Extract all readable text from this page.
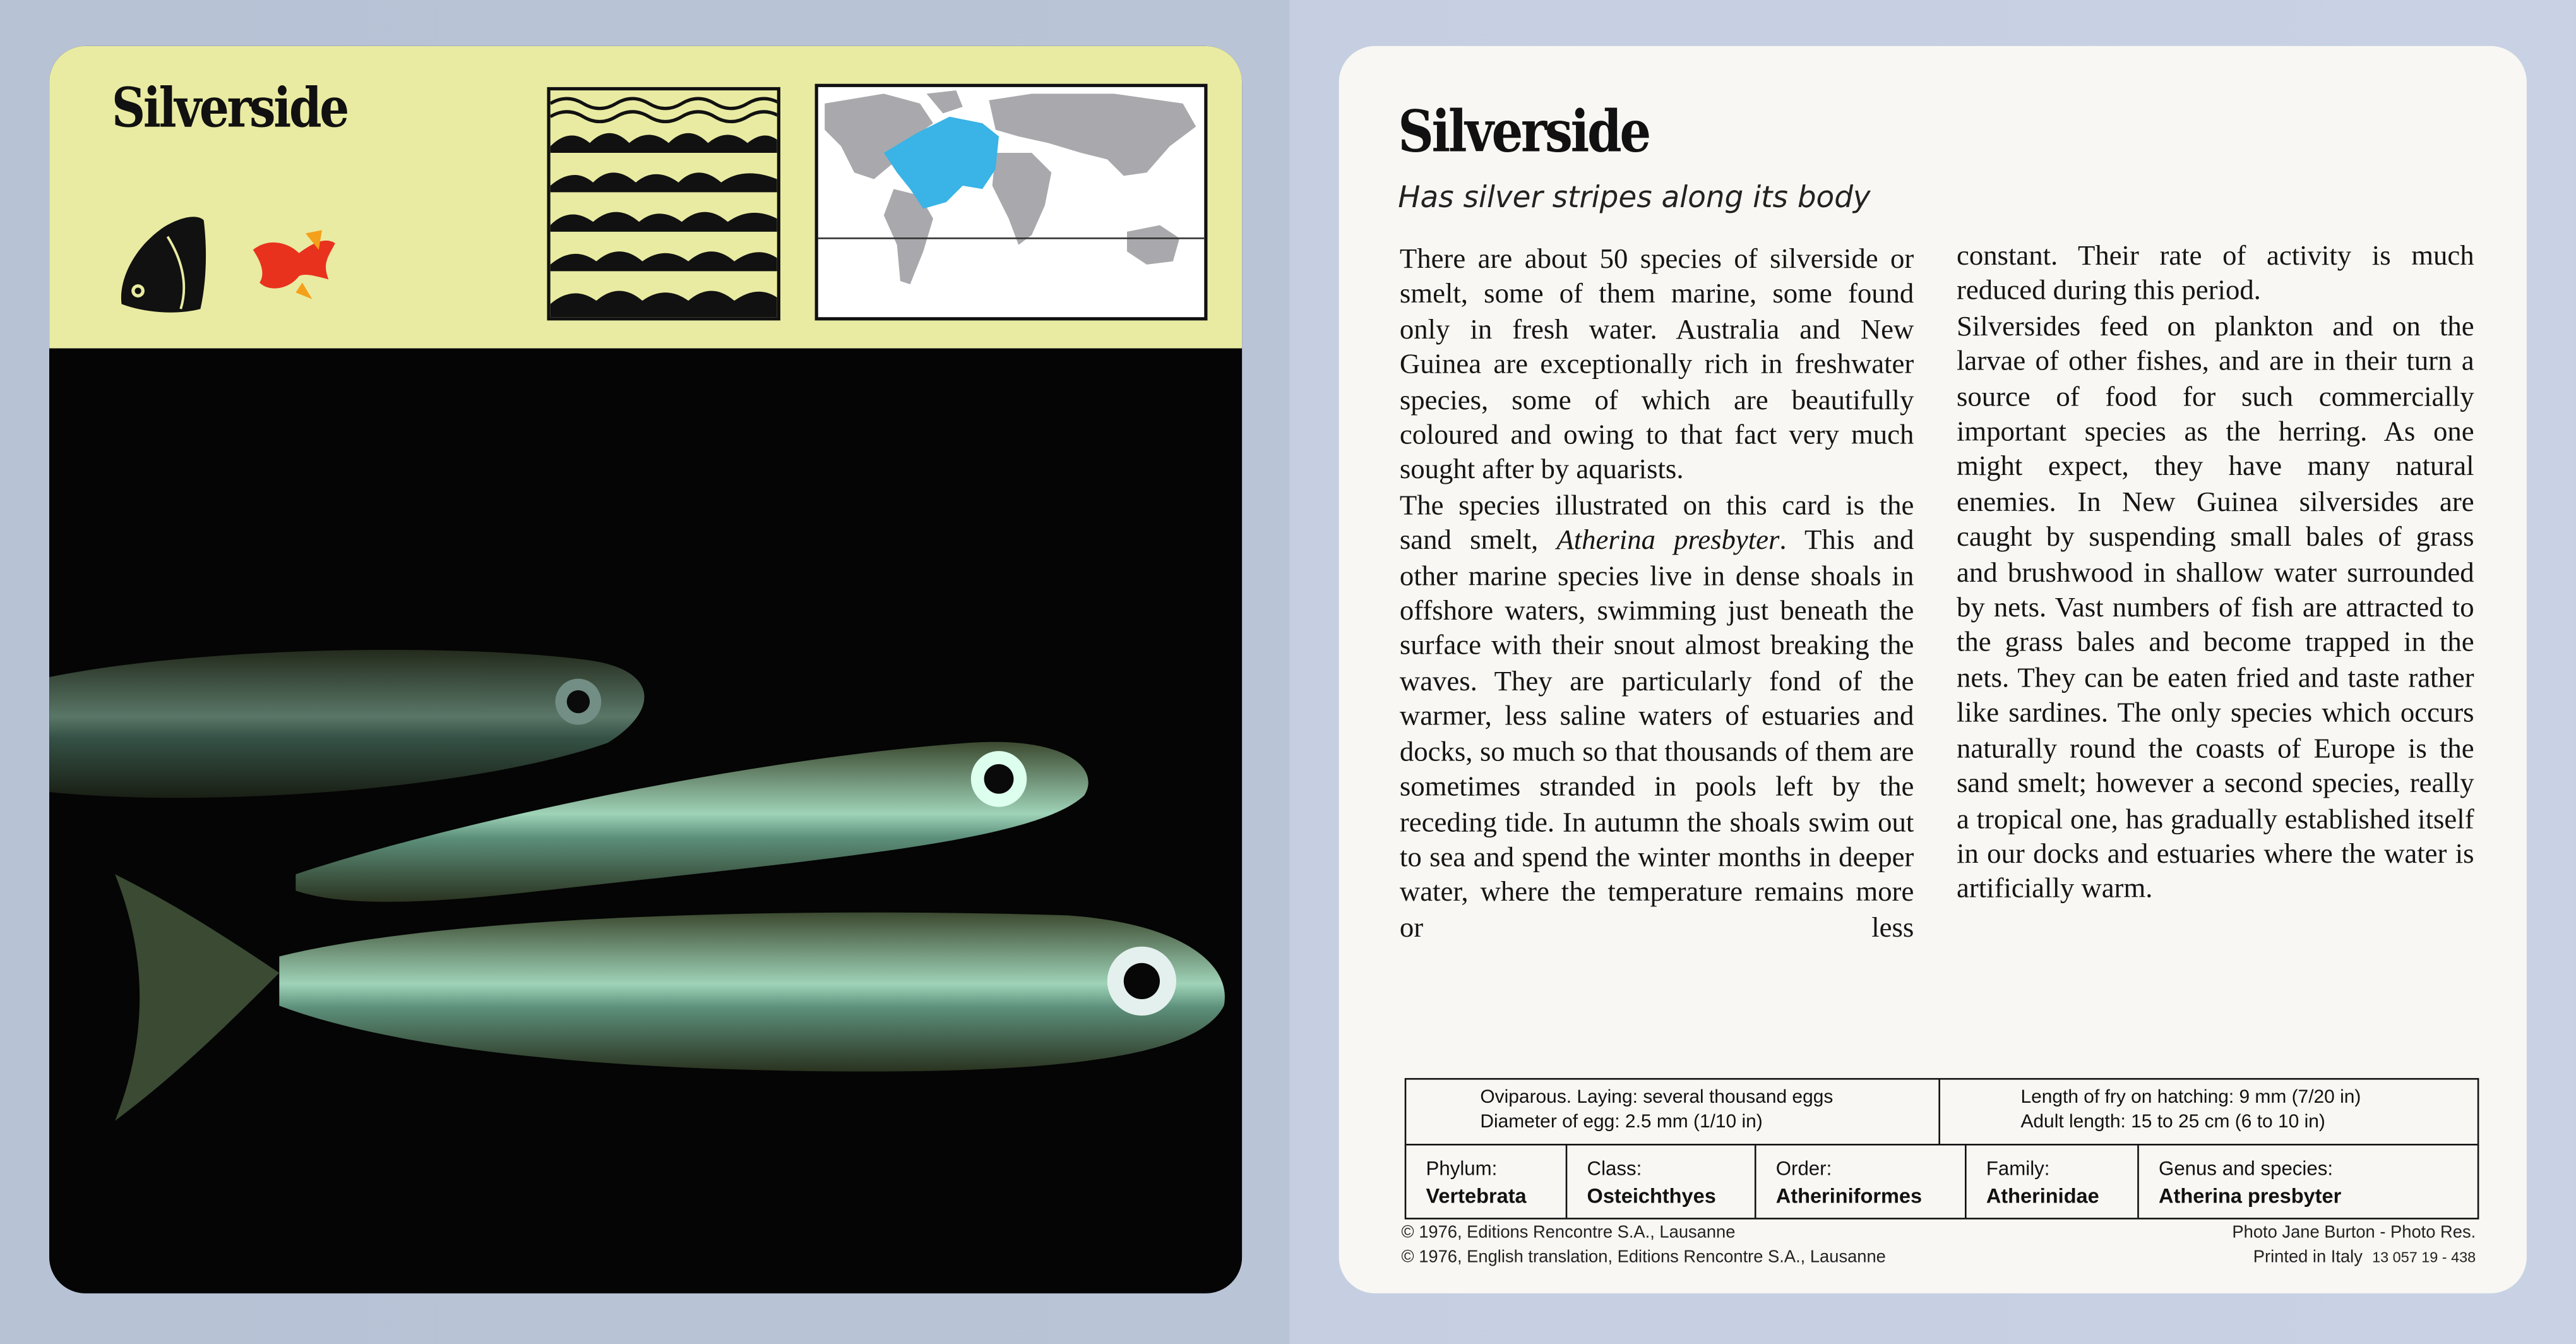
Silverside	Silverside
Has silver stripes along its body

There are about 50 species of silverside or smelt, some of them marine, some found only in fresh water. Australia and New Guinea are exceptionally rich in freshwater species, some of which are beautifully coloured and owing to that fact very much sought after by aquarists.

The species illustrated on this card is the sand smelt, Atherina presbyter. This and other marine species live in dense shoals in offshore waters, swimming just beneath the surface with their snout almost breaking the waves. They are particularly fond of the warmer, less saline waters of estuaries and docks, so much so that thousands of them are sometimes stranded in pools left by the receding tide. In autumn the shoals swim out to sea and spend the winter months in deeper water, where the temperature remains more or less

constant. Their rate of activity is much reduced during this period.

Silversides feed on plankton and on the larvae of other fishes, and are in their turn a source of food for such commercially important species as the herring. As one might expect, they have many natural enemies. In New Guinea silversides are caught by suspending small bales of grass and brushwood in shallow water surrounded by nets. Vast numbers of fish are attracted to the grass bales and become trapped in the nets. They can be eaten fried and taste rather like sardines. The only species which occurs naturally round the coasts of Europe is the sand smelt; however a second species, really a tropical one, has gradually established itself in our docks and estuaries where the water is artificially warm.

Oviparous. Laying: several thousand eggs
Diameter of egg: 2.5 mm (1/10 in)
Length of fry on hatching: 9 mm (7/20 in)
Adult length: 15 to 25 cm (6 to 10 in)
Phylum:
Vertebrata
Class:
Osteichthyes
Order:
Atheriniformes
Family:
Atherinidae
Genus and species:
Atherina presbyter
© 1976, Editions Rencontre S.A., Lausanne
© 1976, English translation, Editions Rencontre S.A., Lausanne
Photo Jane Burton - Photo Res.
Printed in Italy 13 057 19 - 438
